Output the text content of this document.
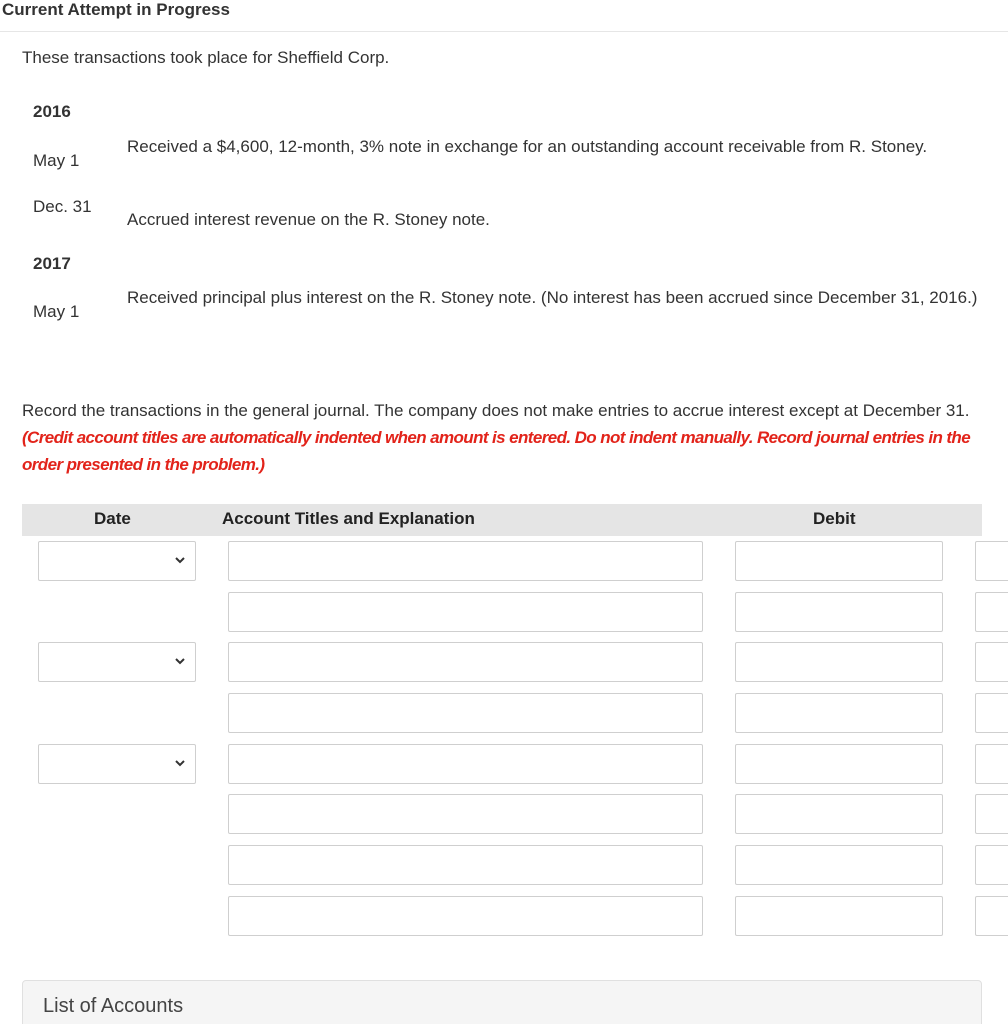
Current Attempt in Progress
These transactions took place for Sheffield Corp.
2016
May 1
Received a $4,600, 12-month, 3% note in exchange for an outstanding account receivable from R. Stoney.
Dec. 31
Accrued interest revenue on the R. Stoney note.
2017
May 1
Received principal plus interest on the R. Stoney note. (No interest has been accrued since December 31, 2016.)
Record the transactions in the general journal. The company does not make entries to accrue interest except at December 31.(Credit account titles are automatically indented when amount is entered. Do not indent manually. Record journal entries in the order presented in the problem.)
Date	Account Titles and Explanation	Debit
List of Accounts
